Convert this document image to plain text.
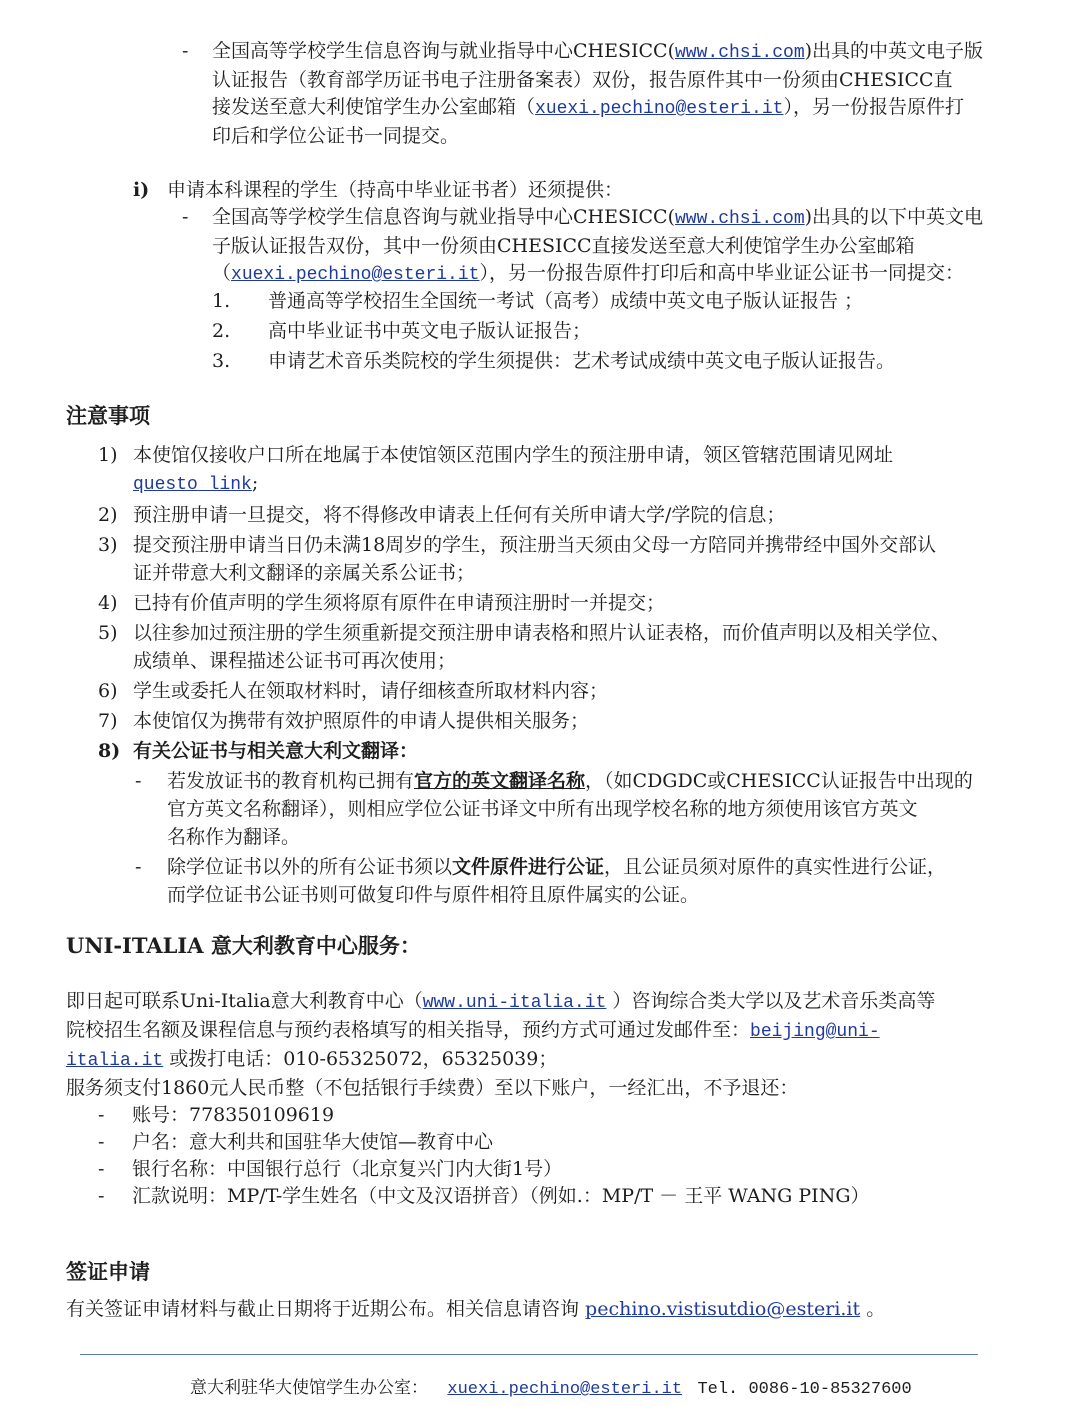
- 全国高等学校学生信息咨询与就业指导中心CHESICC(www.chsi.com)出具的中英文电子版
认证报告（教育部学历证书电子注册备案表）双份，报告原件其中一份须由CHESICC直
接发送至意大利使馆学生办公室邮箱（xuexi.pechino@esteri.it），另一份报告原件打
印后和学位公证书一同提交。
i) 申请本科课程的学生（持高中毕业证书者）还须提供：
- 全国高等学校学生信息咨询与就业指导中心CHESICC(www.chsi.com)出具的以下中英文电
子版认证报告双份，其中一份须由CHESICC直接发送至意大利使馆学生办公室邮箱
（xuexi.pechino@esteri.it），另一份报告原件打印后和高中毕业证公证书一同提交：
1. 普通高等学校招生全国统一考试（高考）成绩中英文电子版认证报告 ；
2. 高中毕业证书中英文电子版认证报告；
3. 申请艺术音乐类院校的学生须提供：艺术考试成绩中英文电子版认证报告。
注意事项
1) 本使馆仅接收户口所在地属于本使馆领区范围内学生的预注册申请，领区管辖范围请见网址
questo link;
2) 预注册申请一旦提交，将不得修改申请表上任何有关所申请大学/学院的信息；
3) 提交预注册申请当日仍未满18周岁的学生，预注册当天须由父母一方陪同并携带经中国外交部认
证并带意大利文翻译的亲属关系公证书；
4) 已持有价值声明的学生须将原有原件在申请预注册时一并提交；
5) 以往参加过预注册的学生须重新提交预注册申请表格和照片认证表格，而价值声明以及相关学位、
成绩单、课程描述公证书可再次使用；
6) 学生或委托人在领取材料时，请仔细核查所取材料内容；
7) 本使馆仅为携带有效护照原件的申请人提供相关服务；
8) 有关公证书与相关意大利文翻译：
- 若发放证书的教育机构已拥有官方的英文翻译名称，（如CDGDC或CHESICC认证报告中出现的
官方英文名称翻译），则相应学位公证书译文中所有出现学校名称的地方须使用该官方英文
名称作为翻译。
- 除学位证书以外的所有公证书须以文件原件进行公证，且公证员须对原件的真实性进行公证，
而学位证书公证书则可做复印件与原件相符且原件属实的公证。
UNI-ITALIA 意大利教育中心服务：
即日起可联系Uni-Italia意大利教育中心（www.uni-italia.it ）咨询综合类大学以及艺术音乐类高等
院校招生名额及课程信息与预约表格填写的相关指导，预约方式可通过发邮件至：beijing@uni-
italia.it 或拨打电话：010-65325072，65325039；
服务须支付1860元人民币整（不包括银行手续费）至以下账户，一经汇出，不予退还：
- 账号：778350109619
- 户名：意大利共和国驻华大使馆—教育中心
- 银行名称：中国银行总行（北京复兴门内大街1号）
- 汇款说明：MP/T-学生姓名（中文及汉语拼音）（例如.：MP/T － 王平 WANG PING）
签证申请
有关签证申请材料与截止日期将于近期公布。相关信息请咨询 pechino.vistisutdio@esteri.it 。
意大利驻华大使馆学生办公室： xuexi.pechino@esteri.it Tel. 0086-10-85327600
